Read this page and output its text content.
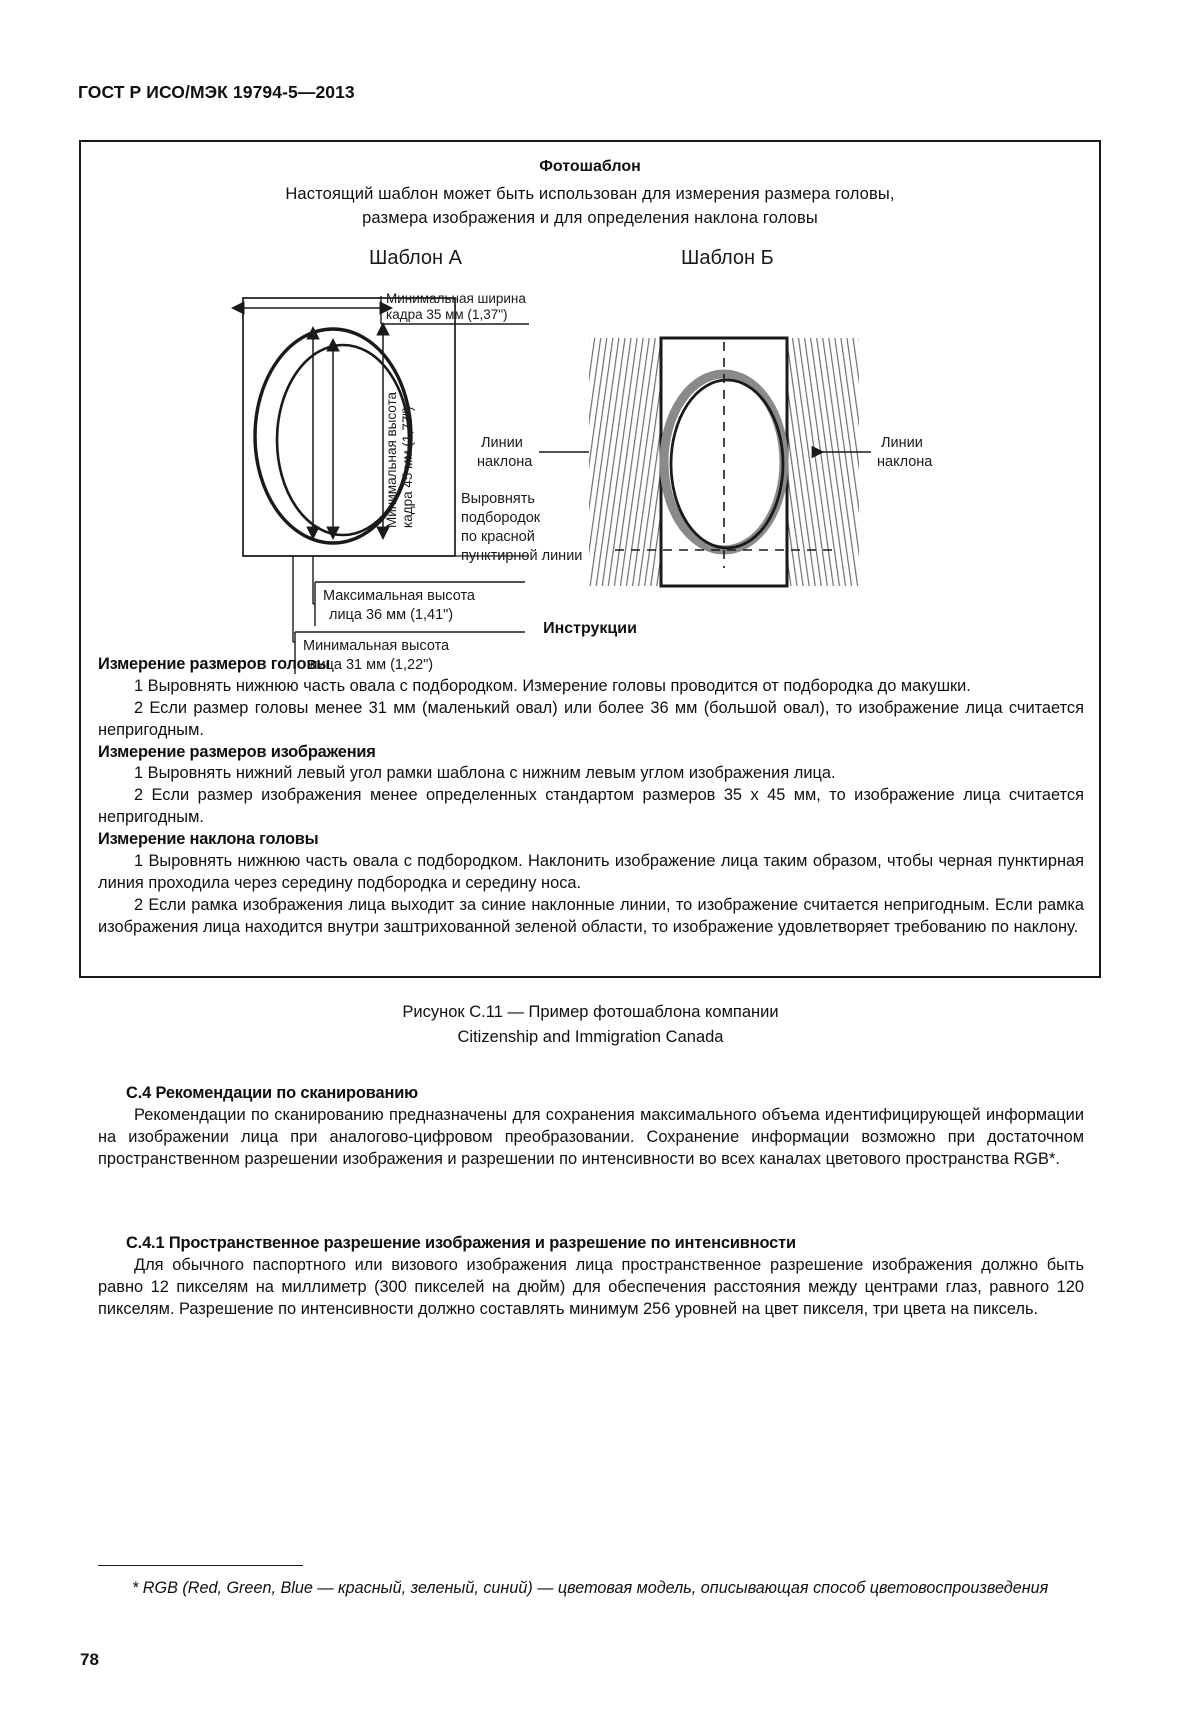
ГОСТ Р ИСО/МЭК 19794-5—2013
Фотошаблон
Настоящий шаблон может быть использован для измерения размера головы,
размера изображения и для определения наклона головы
Шаблон А
Минимальная ширина
кадра 35 мм (1,37")
Минимальная высота кадра 45 мм (1,77")
Максимальная высота
лица 36 мм (1,41")
Минимальная высота
лица 31 мм (1,22")
Линии
наклона
Выровнять
подбородок
по красной
пунктирной линии
Шаблон Б
Линии
наклона
Инструкции
Измерение размеров головы

1 Выровнять нижнюю часть овала с подбородком. Измерение головы проводится от подбородка до макушки.

2 Если размер головы менее 31 мм (маленький овал) или более 36 мм (большой овал), то изображение лица считается непригодным.

Измерение размеров изображения

1 Выровнять нижний левый угол рамки шаблона с нижним левым углом изображения лица.

2 Если размер изображения менее определенных стандартом размеров 35 х 45 мм, то изображение лица считается непригодным.

Измерение наклона головы

1 Выровнять нижнюю часть овала с подбородком. Наклонить изображение лица таким образом, чтобы черная пунктирная линия проходила через середину подбородка и середину носа.

2 Если рамка изображения лица выходит за синие наклонные линии, то изображение считается непригодным. Если рамка изображения лица находится внутри заштрихованной зеленой области, то изображение удовлетворяет требованию по наклону.

Рисунок С.11 — Пример фотошаблона компании
Citizenship and Immigration Canada
С.4 Рекомендации по сканированию

Рекомендации по сканированию предназначены для сохранения максимального объема идентифицирующей информации на изображении лица при аналогово-цифровом преобразовании. Сохранение информации возможно при достаточном пространственном разрешении изображения и разрешении по интенсивности во всех каналах цветового пространства RGB*.

С.4.1 Пространственное разрешение изображения и разрешение по интенсивности

Для обычного паспортного или визового изображения лица пространственное разрешение изображения должно быть равно 12 пикселям на миллиметр (300 пикселей на дюйм) для обеспечения расстояния между центрами глаз, равного 120 пикселям. Разрешение по интенсивности должно составлять минимум 256 уровней на цвет пикселя, три цвета на пиксель.

* RGB (Red, Green, Blue — красный, зеленый, синий) — цветовая модель, описывающая способ цветовоспроизведения

78
